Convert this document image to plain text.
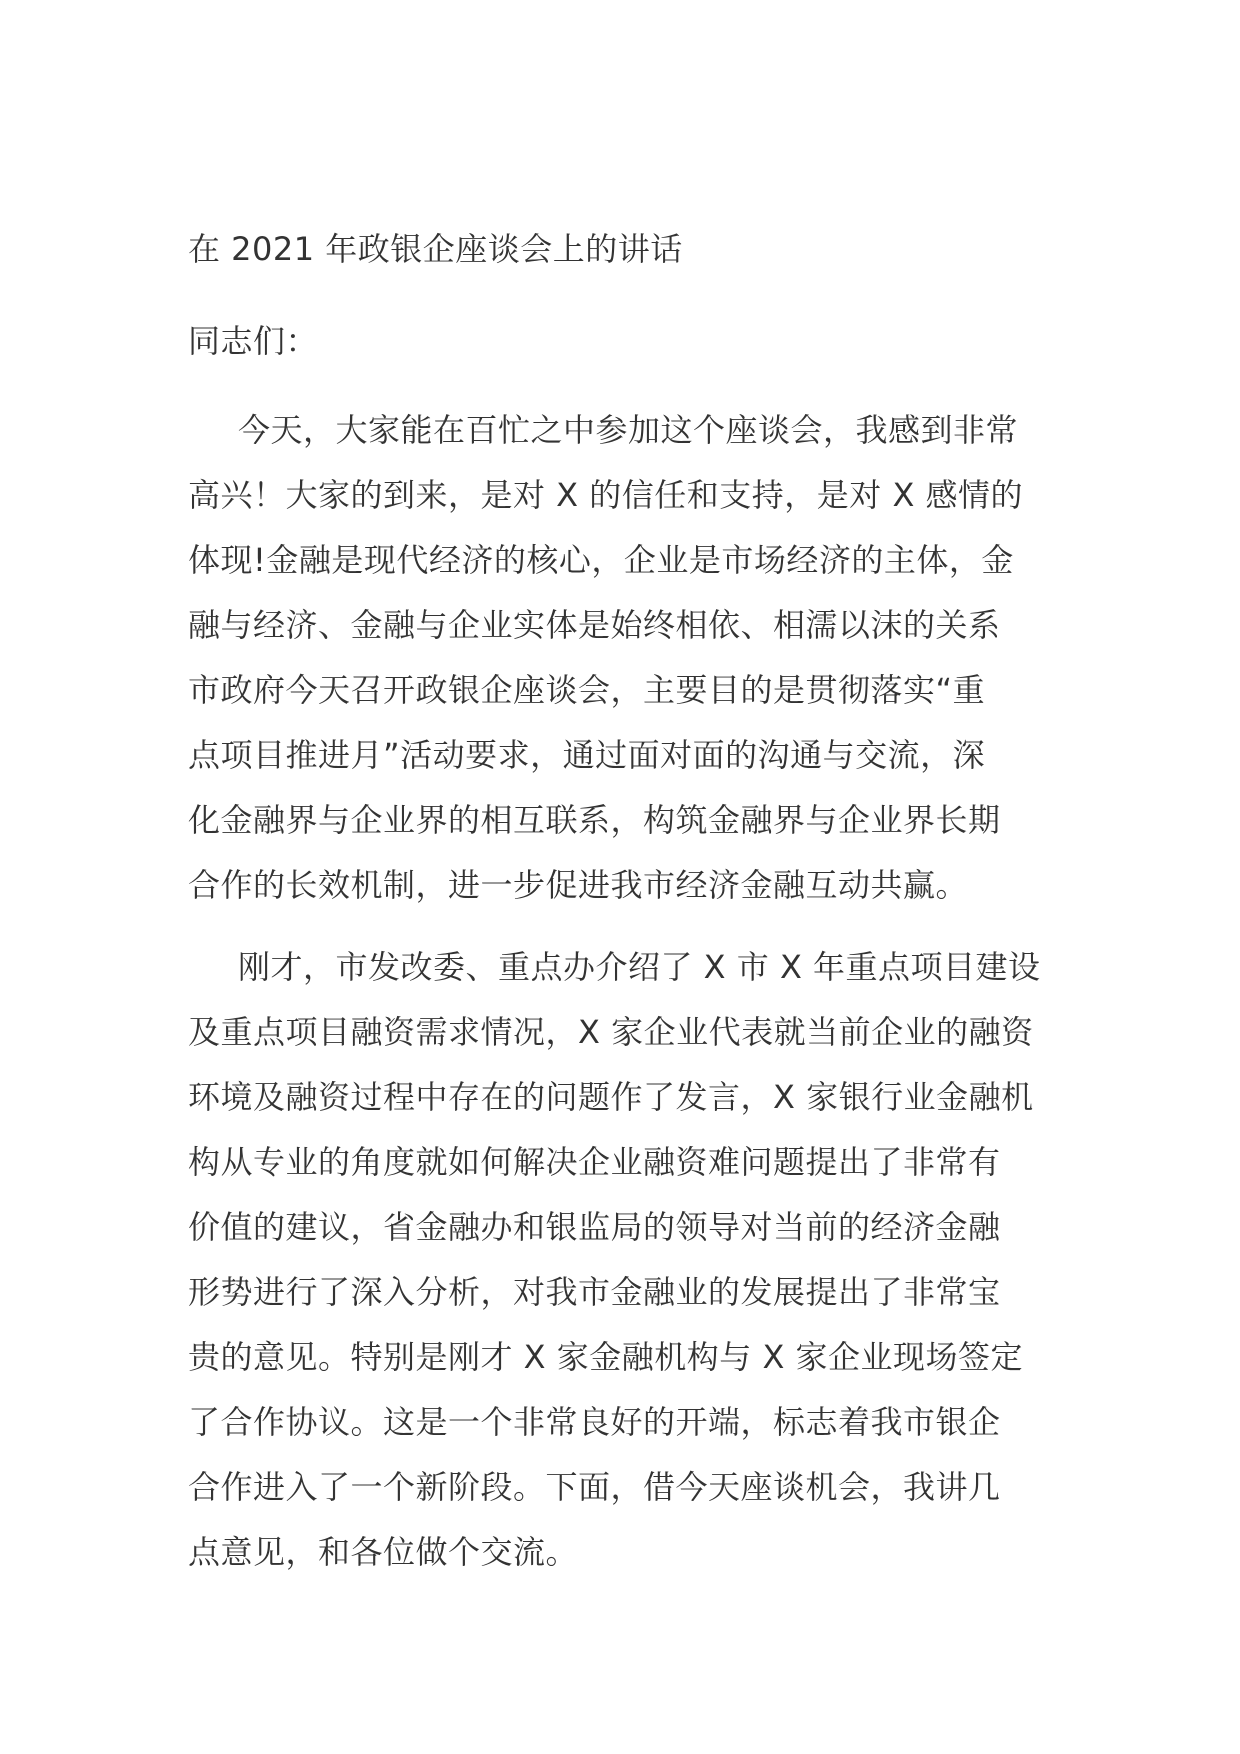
在 2021 年政银企座谈会上的讲话

同志们：

今天，大家能在百忙之中参加这个座谈会，我感到非常
高兴！大家的到来，是对 X 的信任和支持，是对 X 感情的
体现!金融是现代经济的核心，企业是市场经济的主体，金
融与经济、金融与企业实体是始终相依、相濡以沫的关系
市政府今天召开政银企座谈会，主要目的是贯彻落实“重
点项目推进月”活动要求，通过面对面的沟通与交流，深
化金融界与企业界的相互联系，构筑金融界与企业界长期
合作的长效机制，进一步促进我市经济金融互动共赢。
刚才，市发改委、重点办介绍了 X 市 X 年重点项目建设
及重点项目融资需求情况，X 家企业代表就当前企业的融资
环境及融资过程中存在的问题作了发言，X 家银行业金融机
构从专业的角度就如何解决企业融资难问题提出了非常有
价值的建议，省金融办和银监局的领导对当前的经济金融
形势进行了深入分析，对我市金融业的发展提出了非常宝
贵的意见。特别是刚才 X 家金融机构与 X 家企业现场签定
了合作协议。这是一个非常良好的开端，标志着我市银企
合作进入了一个新阶段。下面，借今天座谈机会，我讲几
点意见，和各位做个交流。
